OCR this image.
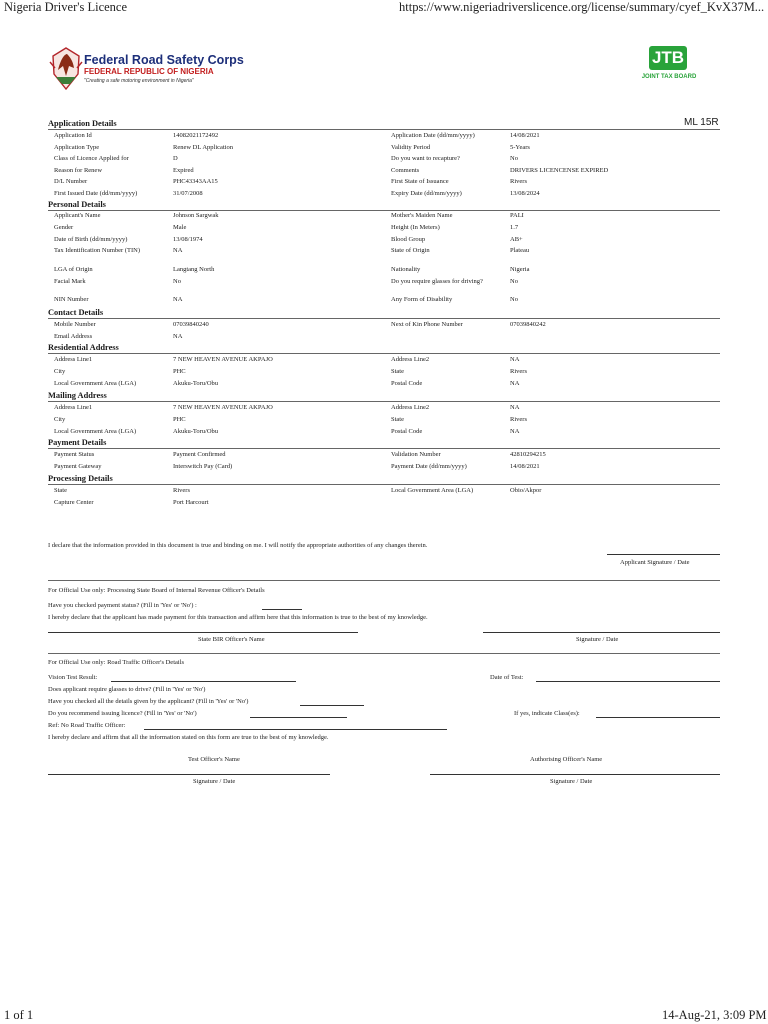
Nigeria Driver's Licence	https://www.nigeriadriverslicence.org/license/summary/cyef_KvX37M...
Federal Road Safety Corps
FEDERAL REPUBLIC OF NIGERIA
"Creating a safe motoring environment in Nigeria"
JTB
JOINT TAX BOARD
ML 15R
Application Details
Application Id	14082021172492	Application Date (dd/mm/yyyy)	14/08/2021
Application Type	Renew DL Application	Validity Period	5-Years
Class of Licence Applied for	D	Do you want to recapture?	No
Reason for Renew	Expired	Comments	DRIVERS LICENCENSE EXPIRED
D/L Number	PHC43343AA15	First State of Issuance	Rivers
First Issued Date (dd/mm/yyyy)	31/07/2008	Expiry Date (dd/mm/yyyy)	13/08/2024
Personal Details
Applicant's Name	Johnson Sargwak	Mother's Maiden Name	PALI
Gender	Male	Height (In Meters)	1.7
Date of Birth (dd/mm/yyyy)	13/08/1974	Blood Group	AB+
Tax Identification Number (TIN)	NA	State of Origin	Plateau
LGA of Origin	Langtang North	Nationality	Nigeria
Facial Mark	No	Do you require glasses for driving?	No
NIN Number	NA	Any Form of Disability	No
Contact Details
Mobile Number	07039840240	Next of Kin Phone Number	07039840242
Email Address	NA
Residential Address
Address Line1	7 NEW HEAVEN AVENUE AKPAJO	Address Line2	NA
City	PHC	State	Rivers
Local Government Area (LGA)	Akuku-Toru/Obu	Postal Code	NA
Mailing Address
Address Line1	7 NEW HEAVEN AVENUE AKPAJO	Address Line2	NA
City	PHC	State	Rivers
Local Government Area (LGA)	Akuku-Toru/Obu	Postal Code	NA
Payment Details
Payment Status	Payment Confirmed	Validation Number	42810294215
Payment Gateway	Interswitch Pay (Card)	Payment Date (dd/mm/yyyy)	14/08/2021
Processing Details
State	Rivers	Local Government Area (LGA)	Obio/Akpor
Capture Center	Port Harcourt
I declare that the information provided in this document is true and binding on me. I will notify the appropriate authorities of any changes therein.
Applicant Signature / Date
For Official Use only: Processing State Board of Internal Revenue Officer's Details
Have you checked payment status? (Fill in 'Yes' or 'No') :
I hereby declare that the applicant has made payment for this transaction and affirm here that this information is true to the best of my knowledge.
State BIR Officer's Name	Signature / Date
For Official Use only: Road Traffic Officer's Details
Vision Test Result:	Date of Test:
Does applicant require glasses to drive? (Fill in 'Yes' or 'No')
Have you checked all the details given by the applicant? (Fill in 'Yes' or 'No')
Do you recommend issuing licence? (Fill in 'Yes' or 'No')	If yes, indicate Class(es):
Ref: No Road Traffic Officer:
I hereby declare and affirm that all the information stated on this form are true to the best of my knowledge.
Test Officer's Name	Authorising Officer's Name
Signature / Date	Signature / Date
1 of 1	14-Aug-21, 3:09 PM
